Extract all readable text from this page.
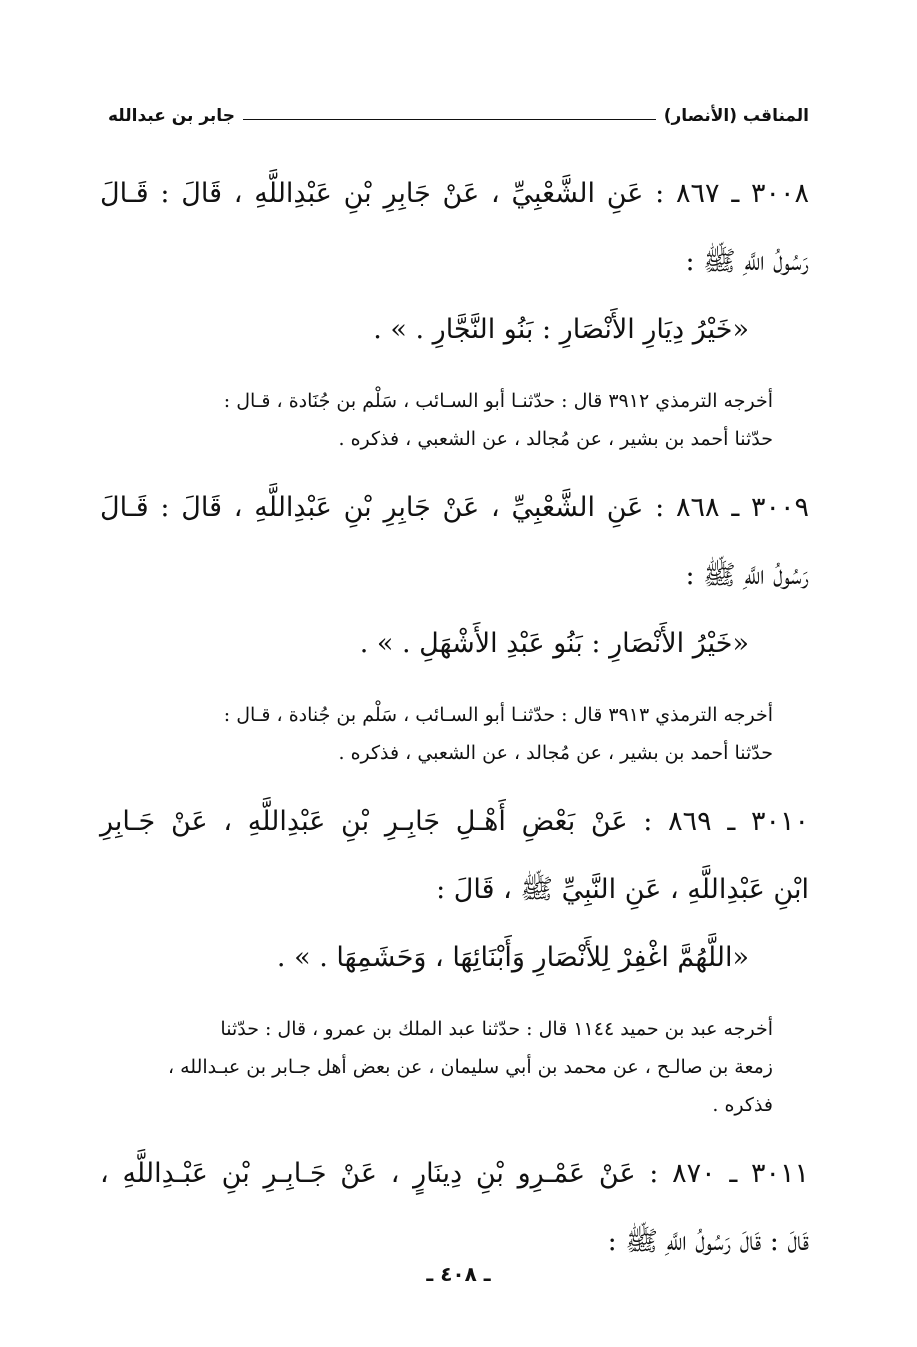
المناقب (الأنصار)
جابر بن عبدالله

٣٠٠٨ ـ ٨٦٧ : عَنِ الشَّعْبِيِّ ، عَنْ جَابِرِ بْنِ عَبْدِاللَّهِ ، قَالَ : قَـالَ
رَسُولُ اللَّهِ ﷺ :

«خَيْرُ دِيَارِ الأَنْصَارِ : بَنُو النَّجَّارِ . » .

أخرجه الترمذي ٣٩١٢ قال : حدّثنـا أبو السـائب ، سَلْم بن جُنَادة ، قـال :
حدّثنا أحمد بن بشير ، عن مُجالد ، عن الشعبي ، فذكره .

٣٠٠٩ ـ ٨٦٨ : عَنِ الشَّعْبِيِّ ، عَنْ جَابِرِ بْنِ عَبْدِاللَّهِ ، قَالَ : قَـالَ
رَسُولُ اللَّهِ ﷺ :

«خَيْرُ الأَنْصَارِ : بَنُو عَبْدِ الأَشْهَلِ . » .

أخرجه الترمذي ٣٩١٣ قال : حدّثنـا أبو السـائب ، سَلْم بن جُنادة ، قـال :
حدّثنا أحمد بن بشير ، عن مُجالد ، عن الشعبي ، فذكره .

٣٠١٠ ـ ٨٦٩ : عَنْ بَعْضِ أَهْـلِ جَابِـرِ بْنِ عَبْدِاللَّهِ ، عَنْ جَـابِرِ
ابْنِ عَبْدِاللَّهِ ، عَنِ النَّبِيِّ ﷺ ، قَالَ :

«اللَّهُمَّ اغْفِرْ لِلأَنْصَارِ وَأَبْنَائِهَا ، وَحَشَمِهَا . » .

أخرجه عبد بن حميد ١١٤٤ قال : حدّثنا عبد الملك بن عمرو ، قال : حدّثنا
زمعة بن صالـح ، عن محمد بن أبي سليمان ، عن بعض أهل جـابر بن عبـدالله ،
فذكره .

٣٠١١ ـ ٨٧٠ : عَنْ عَمْـرِو بْنِ دِينَارٍ ، عَنْ جَـابِـرِ بْنِ عَبْـدِاللَّهِ ،
قَالَ : قَالَ رَسُولُ اللَّهِ ﷺ :

ـ ٤٠٨ ـ
